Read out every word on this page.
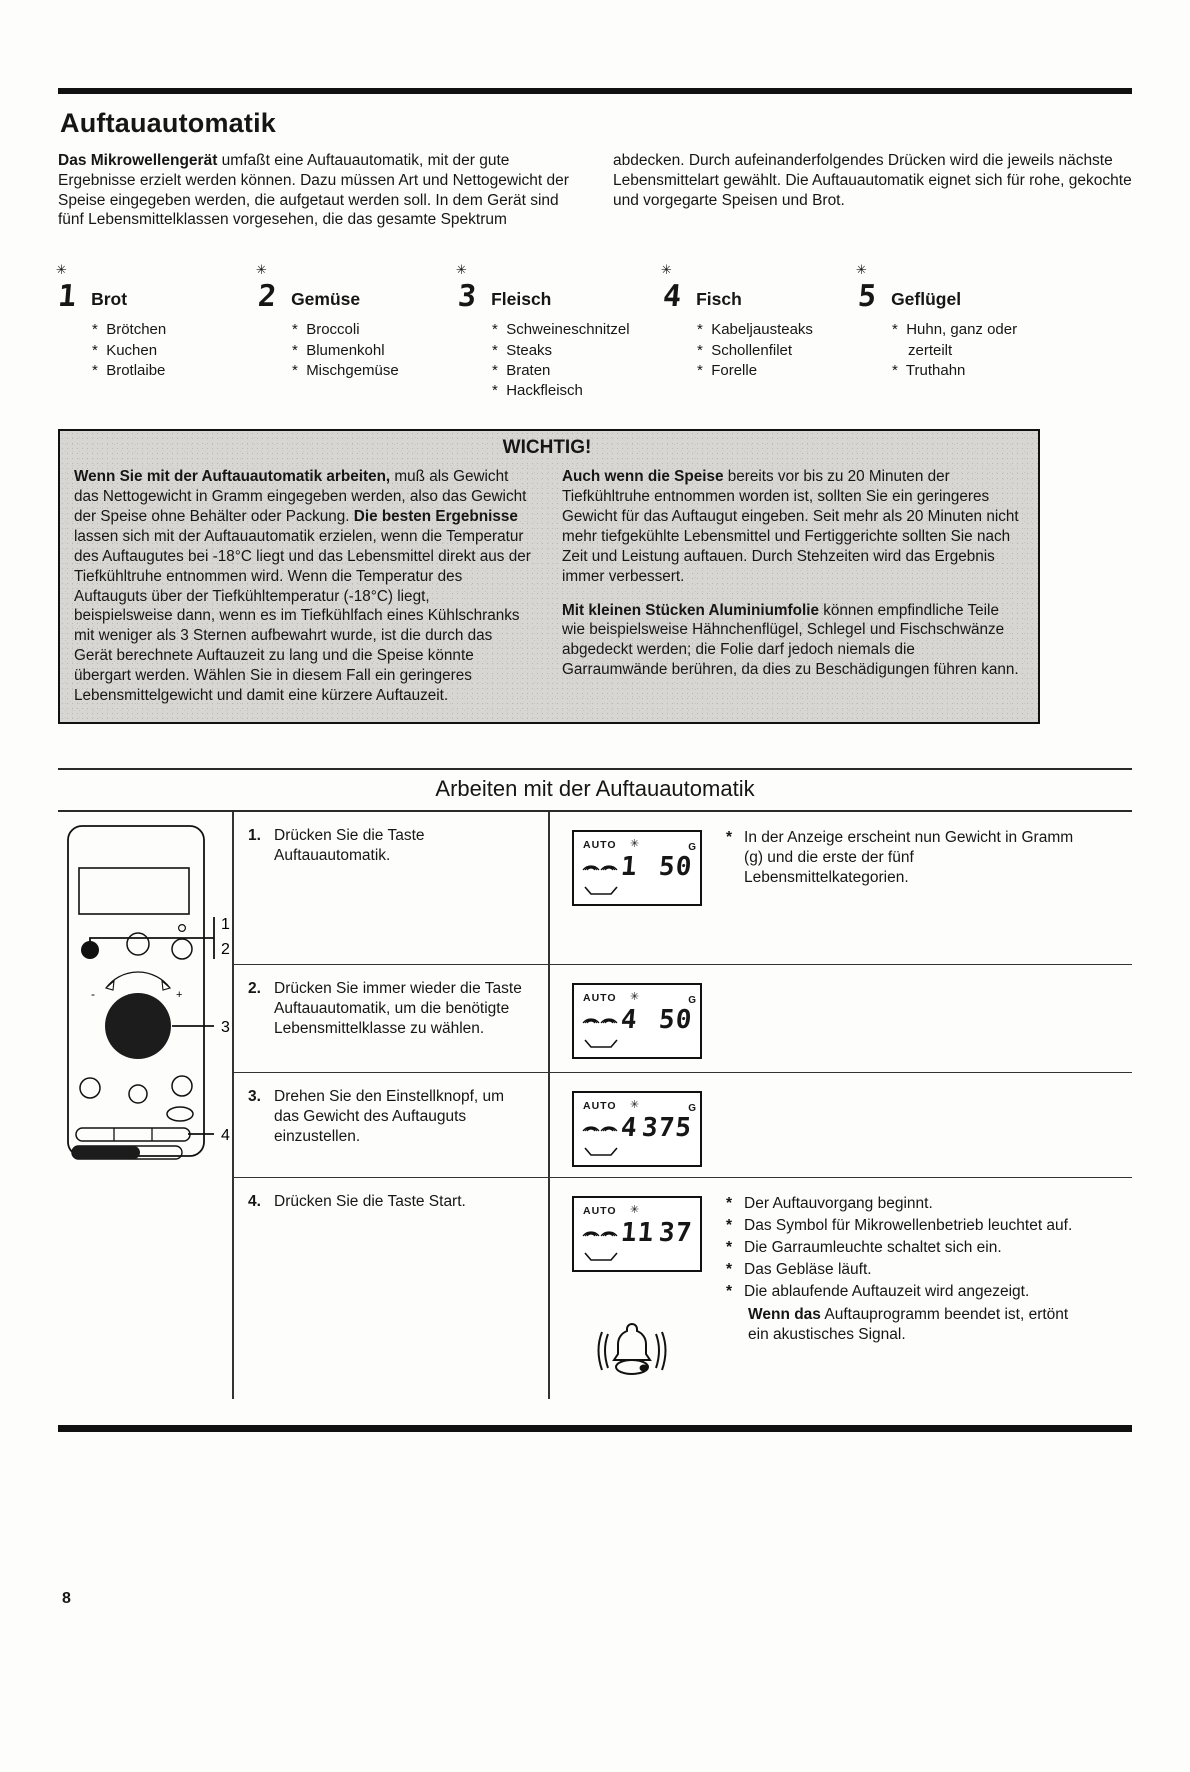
Auftauautomatik

Das Mikrowellengerät umfaßt eine Auftauautomatik, mit der gute Ergebnisse erzielt werden können. Dazu müssen Art und Nettogewicht der Speise eingegeben werden, die aufgetaut werden soll. In dem Gerät sind fünf Lebensmittelklassen vorgesehen, die das gesamte Spektrum

abdecken. Durch aufeinanderfolgendes Drücken wird die jeweils nächste Lebensmittelart gewählt. Die Auftauautomatik eignet sich für rohe, gekochte und vorgegarte Speisen und Brot.

✳
1 Brot
* Brötchen
* Kuchen
* Brotlaibe
✳
2 Gemüse
* Broccoli
* Blumenkohl
* Mischgemüse
✳
3 Fleisch
* Schweineschnitzel
* Steaks
* Braten
* Hackfleisch
✳
4 Fisch
* Kabeljausteaks
* Schollenfilet
* Forelle
✳
5 Geflügel
* Huhn, ganz oder zerteilt
* Truthahn
WICHTIG!

Wenn Sie mit der Auftauautomatik arbeiten, muß als Gewicht das Nettogewicht in Gramm eingegeben werden, also das Gewicht der Speise ohne Behälter oder Packung. Die besten Ergebnisse lassen sich mit der Auftauautomatik erzielen, wenn die Temperatur des Auftaugutes bei -18°C liegt und das Lebensmittel direkt aus der Tiefkühltruhe entnommen wird. Wenn die Temperatur des Auftauguts über der Tiefkühltemperatur (-18°C) liegt, beispielsweise dann, wenn es im Tiefkühlfach eines Kühlschranks mit weniger als 3 Sternen aufbewahrt wurde, ist die durch das Gerät berechnete Auftauzeit zu lang und die Speise könnte übergart werden. Wählen Sie in diesem Fall ein geringeres Lebensmittelgewicht und damit eine kürzere Auftauzeit.

Auch wenn die Speise bereits vor bis zu 20 Minuten der Tiefkühltruhe entnommen worden ist, sollten Sie ein geringeres Gewicht für das Auftaugut eingeben. Seit mehr als 20 Minuten nicht mehr tiefgekühlte Lebensmittel und Fertiggerichte sollten Sie nach Zeit und Leistung auftauen. Durch Stehzeiten wird das Ergebnis immer verbessert.

Mit kleinen Stücken Aluminiumfolie können empfindliche Teile wie beispielsweise Hähnchenflügel, Schlegel und Fischschwänze abgedeckt werden; die Folie darf jedoch niemals die Garraumwände berühren, da dies zu Beschädigungen führen kann.

Arbeiten mit der Auftauautomatik
1
2
-	+
3
4
1. Drücken Sie die Taste Auftauautomatik.
AUTO ✳
1 50
G
* In der Anzeige erscheint nun Gewicht in Gramm (g) und die erste der fünf Lebensmittelkategorien.
2. Drücken Sie immer wieder die Taste Auftauautomatik, um die benötigte Lebensmittelklasse zu wählen.
AUTO ✳
4 50
G
3. Drehen Sie den Einstellknopf, um das Gewicht des Auftauguts einzustellen.
AUTO ✳
4 375
G
4. Drücken Sie die Taste Start.
AUTO ✳
11 37
* Der Auftauvorgang beginnt.
* Das Symbol für Mikrowellenbetrieb leuchtet auf.
* Die Garraumleuchte schaltet sich ein.
* Das Gebläse läuft.
* Die ablaufende Auftauzeit wird angezeigt.

Wenn das Auftauprogramm beendet ist, ertönt ein akustisches Signal.

8
